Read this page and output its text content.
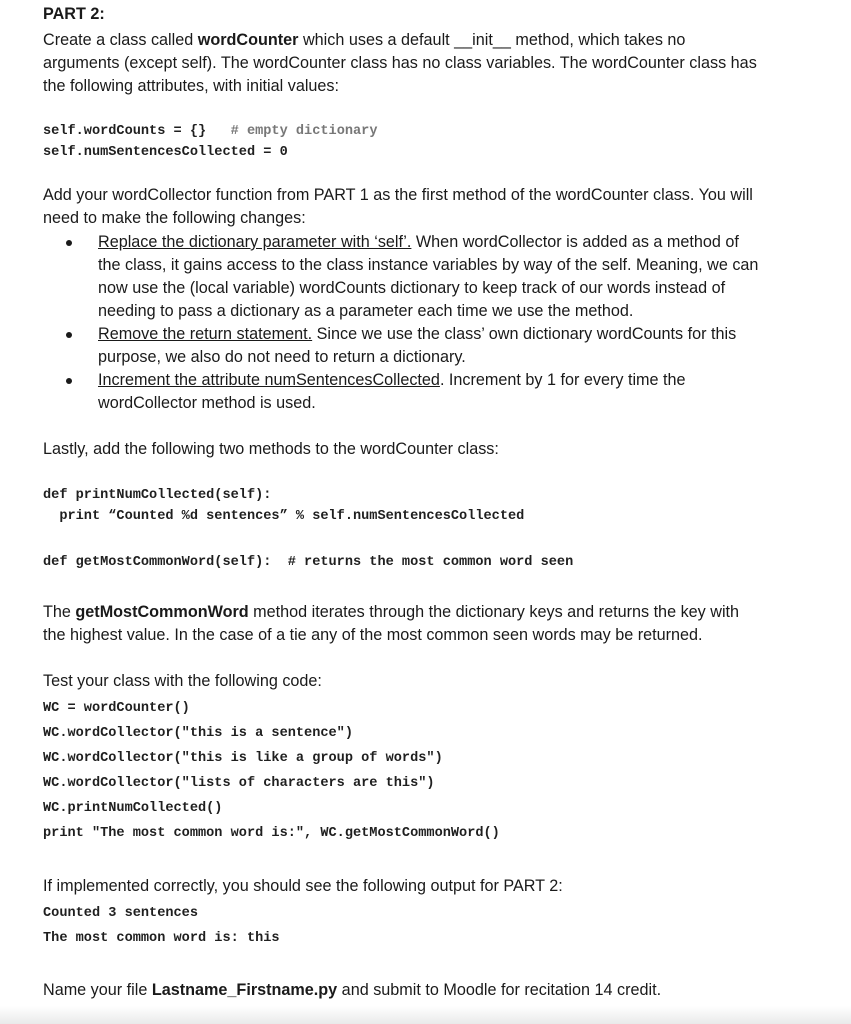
PART 2:
Create a class called wordCounter which uses a default __init__ method, which takes no arguments (except self). The wordCounter class has no class variables. The wordCounter class has the following attributes, with initial values:
self.wordCounts = {} # empty dictionary
self.numSentencesCollected = 0
Add your wordCollector function from PART 1 as the first method of the wordCounter class. You will need to make the following changes:
Replace the dictionary parameter with ‘self’. When wordCollector is added as a method of the class, it gains access to the class instance variables by way of the self. Meaning, we can now use the (local variable) wordCounts dictionary to keep track of our words instead of needing to pass a dictionary as a parameter each time we use the method.
Remove the return statement. Since we use the class’ own dictionary wordCounts for this purpose, we also do not need to return a dictionary.
Increment the attribute numSentencesCollected. Increment by 1 for every time the wordCollector method is used.
Lastly, add the following two methods to the wordCounter class:
def printNumCollected(self):
print “Counted %d sentences” % self.numSentencesCollected
def getMostCommonWord(self):  # returns the most common word seen
The getMostCommonWord method iterates through the dictionary keys and returns the key with the highest value. In the case of a tie any of the most common seen words may be returned.
Test your class with the following code:
WC = wordCounter()
WC.wordCollector("this is a sentence")
WC.wordCollector("this is like a group of words")
WC.wordCollector("lists of characters are this")
WC.printNumCollected()
print "The most common word is:", WC.getMostCommonWord()
If implemented correctly, you should see the following output for PART 2:
Counted 3 sentences
The most common word is: this
Name your file Lastname_Firstname.py and submit to Moodle for recitation 14 credit.
